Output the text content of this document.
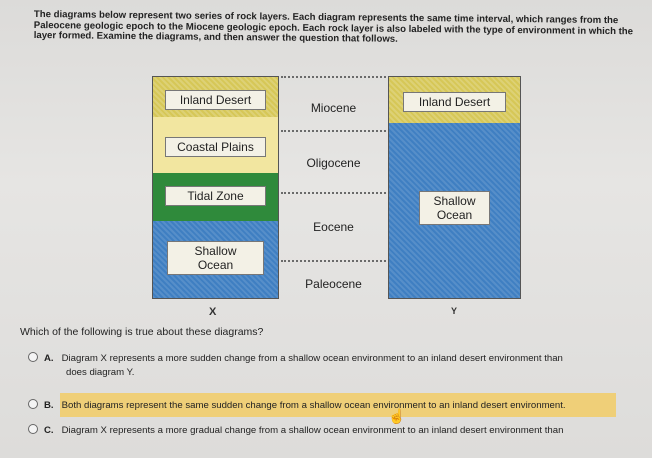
The diagrams below represent two series of rock layers. Each diagram represents the same time interval, which ranges from the Paleocene geologic epoch to the Miocene geologic epoch. Each rock layer is also labeled with the type of environment in which the layer formed. Examine the diagrams, and then answer the question that follows.
Inland Desert
Coastal Plains
Tidal Zone
Shallow
Ocean
X
Miocene
Oligocene
Eocene
Paleocene
Inland Desert
Shallow
Ocean
Y
Which of the following is true about these diagrams?
A. Diagram X represents a more sudden change from a shallow ocean environment to an inland desert environment than
does diagram Y.
B. Both diagrams represent the same sudden change from a shallow ocean environment to an inland desert environment.
☝
C. Diagram X represents a more gradual change from a shallow ocean environment to an inland desert environment than
